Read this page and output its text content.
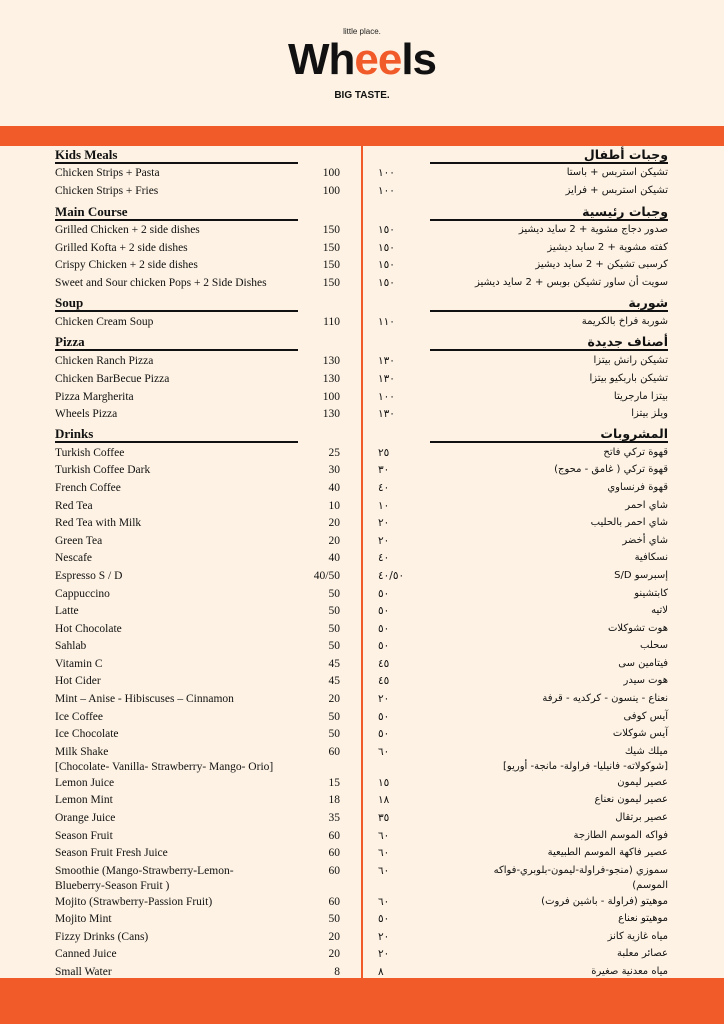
little place.
Wheels
BIG TASTE.
Kids Meals	وجبات أطفال
Chicken Strips + Pasta	100	١٠٠	تشيكن استربس + باستا
Chicken Strips + Fries	100	١٠٠	تشيكن استربس + فرايز
Main Course	وجبات رئيسية
Grilled Chicken + 2 side dishes	150	١٥٠	صدور دجاج مشوية + 2 سايد ديشيز
Grilled Kofta + 2 side dishes	150	١٥٠	كفته مشوية + 2 سايد ديشيز
Crispy Chicken + 2 side dishes	150	١٥٠	كرسبى تشيكن + 2 سايد ديشيز
Sweet and Sour chicken Pops + 2 Side Dishes	150	١٥٠	سويت أن ساور تشيكن بوبس + 2 سايد ديشيز
Soup	شوربة
Chicken Cream Soup	110	١١٠	شوربة فراخ بالكريمة
Pizza	أصناف جديدة
Chicken Ranch Pizza	130	١٣٠	تشيكن رانش بيتزا
Chicken BarBecue Pizza	130	١٣٠	تشيكن باربكيو بيتزا
Pizza Margherita	100	١٠٠	بيتزا مارجريتا
Wheels Pizza	130	١٣٠	ويلز بيتزا
Drinks	المشروبات
Turkish Coffee	25	٢٥	قهوة تركي فاتح
Turkish Coffee Dark	30	٣٠	قهوة تركي ( غامق - محوج)
French Coffee	40	٤٠	قهوة فرنساوي
Red Tea	10	١٠	شاي احمر
Red Tea with Milk	20	٢٠	شاي احمر بالحليب
Green Tea	20	٢٠	شاي أخضر
Nescafe	40	٤٠	نسكافية
Espresso S / D	40/50	٤٠/٥٠	إسبرسو S/D
Cappuccino	50	٥٠	كابتشينو
Latte	50	٥٠	لاتيه
Hot Chocolate	50	٥٠	هوت تشوكلات
Sahlab	50	٥٠	سحلب
Vitamin C	45	٤٥	فيتامين سى
Hot Cider	45	٤٥	هوت سيدر
Mint – Anise - Hibiscuses – Cinnamon	20	٢٠	نعناع - ينسون - كركديه - قرفة
Ice Coffee	50	٥٠	آيس كوفى
Ice Chocolate	50	٥٠	آيس شوكلات
Milk Shake	60	٦٠	ميلك شيك
[Chocolate- Vanilla- Strawberry- Mango- Orio]	[شوكولاته- فانيليا- فراولة- مانجة- أوريو]
Lemon Juice	15	١٥	عصير ليمون
Lemon Mint	18	١٨	عصير ليمون نعناع
Orange Juice	35	٣٥	عصير برتقال
Season Fruit	60	٦٠	فواكه الموسم الطازجة
Season Fruit Fresh Juice	60	٦٠	عصير فاكهة الموسم الطبيعية
Smoothie (Mango-Strawberry-Lemon-	60	٦٠	سموزي (منجو-فراولة-ليمون-بلوبري-فواكه
Blueberry-Season Fruit )	الموسم)
Mojito (Strawberry-Passion Fruit)	60	٦٠	موهيتو (فراولة - باشين فروت)
Mojito Mint	50	٥٠	موهيتو نعناع
Fizzy Drinks (Cans)	20	٢٠	مياه غازية كانز
Canned Juice	20	٢٠	عصائر معلبة
Small Water	8	٨	مياه معدنية صغيرة
